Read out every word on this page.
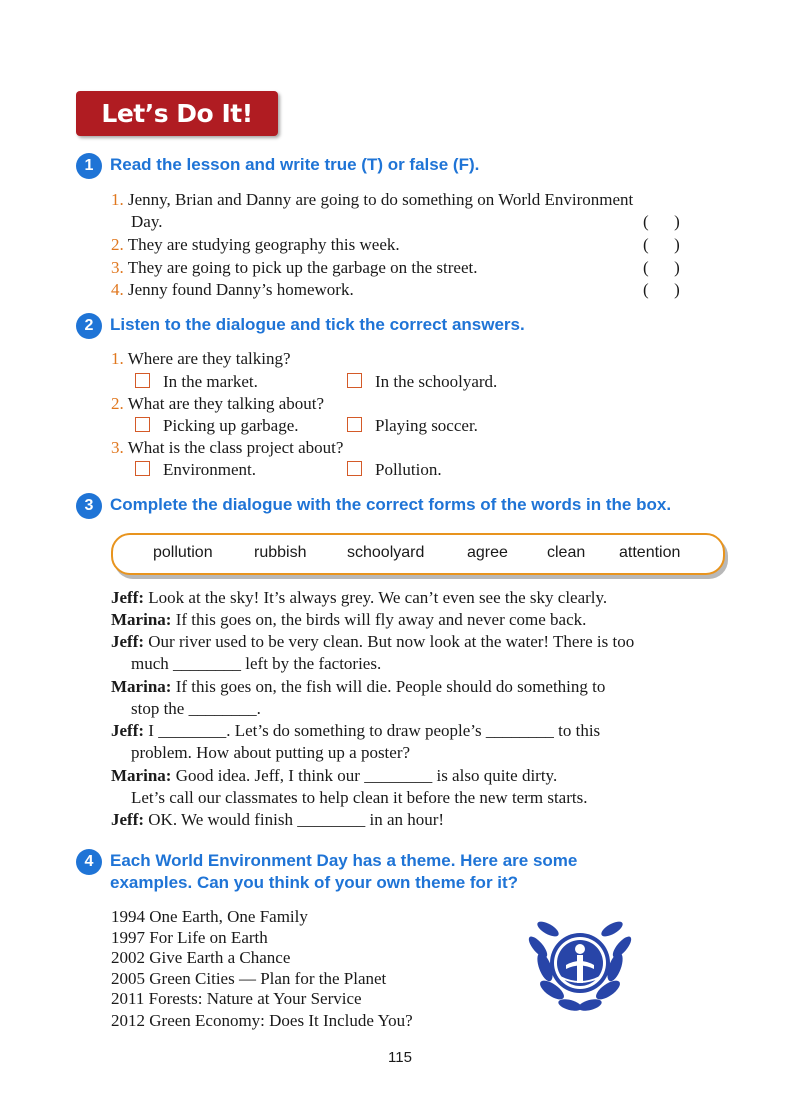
Let’s Do It!
1 Read the lesson and write true (T) or false (F).
1. Jenny, Brian and Danny are going to do something on World Environment
Day.	(      )
2. They are studying geography this week.	(      )
3. They are going to pick up the garbage on the street.	(      )
4. Jenny found Danny’s homework.	(      )
2 Listen to the dialogue and tick the correct answers.
1. Where are they talking?
In the market.	In the schoolyard.
2. What are they talking about?
Picking up garbage.	Playing soccer.
3. What is the class project about?
Environment.	Pollution.
3 Complete the dialogue with the correct forms of the words in the box.
pollution	rubbish	schoolyard	agree clean attention
Jeff: Look at the sky! It’s always grey. We can’t even see the sky clearly.
Marina: If this goes on, the birds will fly away and never come back.
Jeff: Our river used to be very clean. But now look at the water! There is too
much ________ left by the factories.
Marina: If this goes on, the fish will die. People should do something to
stop the ________.
Jeff: I ________. Let’s do something to draw people’s ________ to this
problem. How about putting up a poster?
Marina: Good idea. Jeff, I think our ________ is also quite dirty.
Let’s call our classmates to help clean it before the new term starts.
Jeff: OK. We would finish ________ in an hour!
4 Each World Environment Day has a theme. Here are some
examples. Can you think of your own theme for it?
1994 One Earth, One Family
1997 For Life on Earth
2002 Give Earth a Chance
2005 Green Cities — Plan for the Planet
2011 Forests: Nature at Your Service
2012 Green Economy: Does It Include You?
115
